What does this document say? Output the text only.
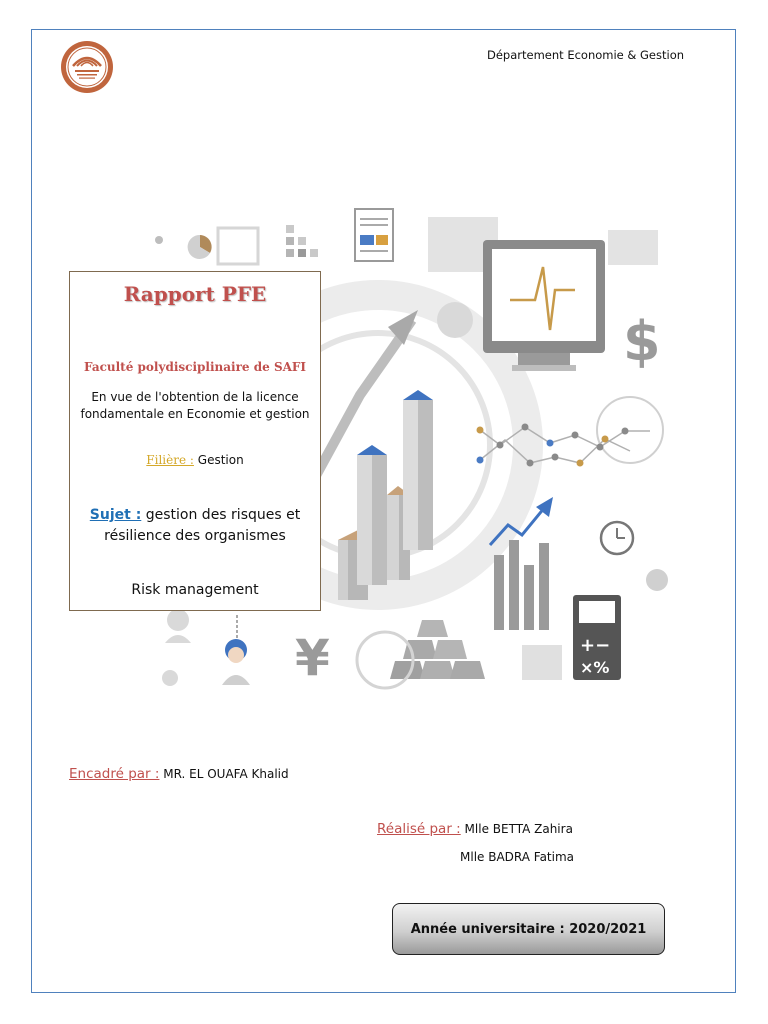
Département Economie & Gestion
$
+−
×%
¥
Rapport PFE
Faculté polydisciplinaire de SAFI
En vue de l'obtention de la licence fondamentale en Economie et gestion
Filière : Gestion
Sujet : gestion des risques et résilience des organismes
Risk management
Encadré par : MR. EL OUAFA Khalid
Réalisé par : Mlle BETTA Zahira
Mlle BADRA Fatima
Année universitaire : 2020/2021
